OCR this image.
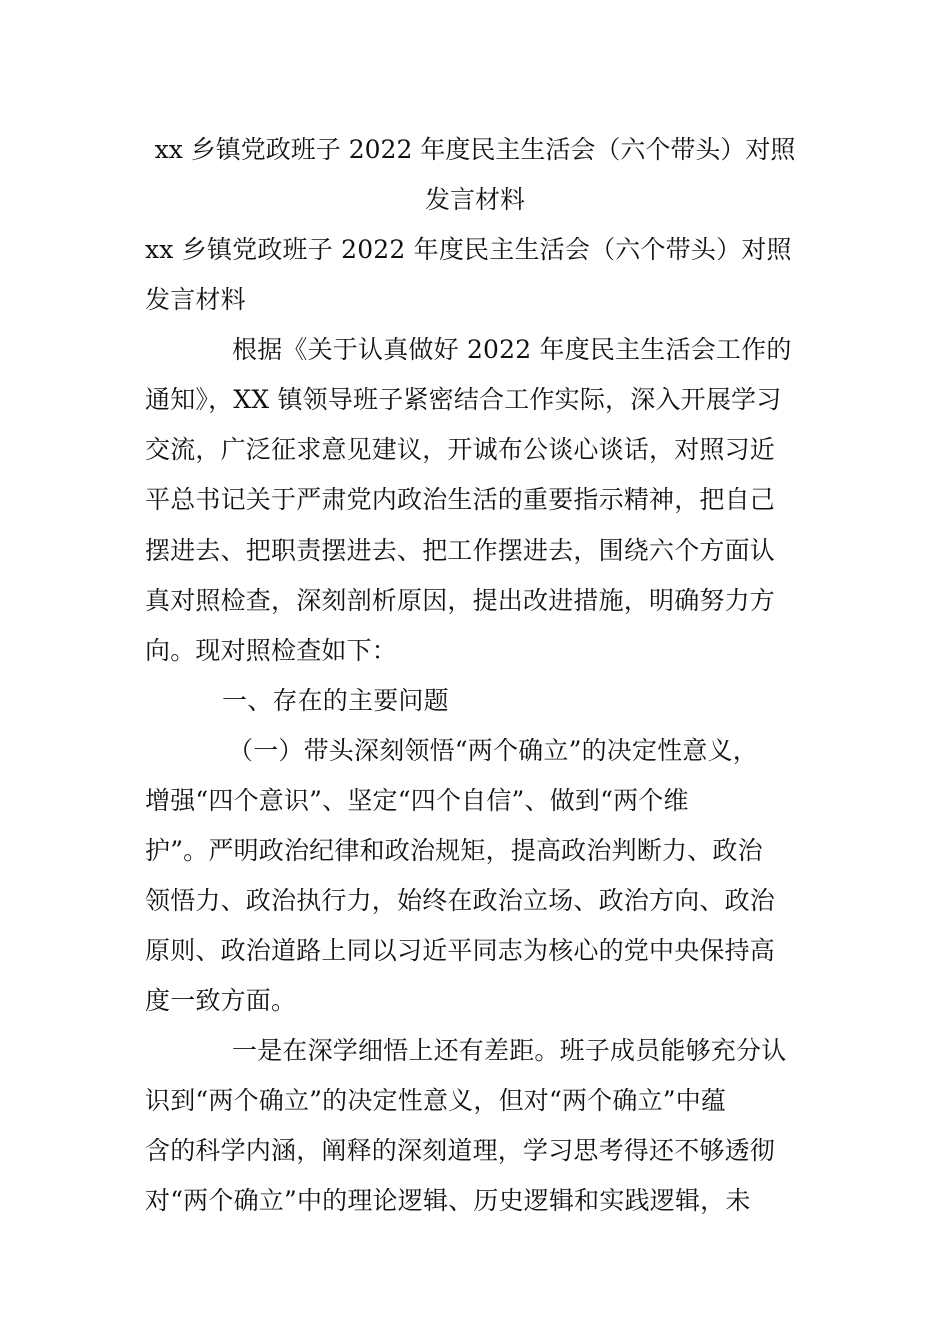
xx 乡镇党政班子 2022 年度民主生活会（六个带头）对照
发言材料
xx 乡镇党政班子 2022 年度民主生活会（六个带头）对照
发言材料
根据《关于认真做好 2022 年度民主生活会工作的
通知》，XX 镇领导班子紧密结合工作实际，深入开展学习
交流，广泛征求意见建议，开诚布公谈心谈话，对照习近
平总书记关于严肃党内政治生活的重要指示精神，把自己
摆进去、把职责摆进去、把工作摆进去，围绕六个方面认
真对照检查，深刻剖析原因，提出改进措施，明确努力方
向。现对照检查如下：
一、存在的主要问题
（一）带头深刻领悟“两个确立”的决定性意义，
增强“四个意识”、坚定“四个自信”、做到“两个维
护”。严明政治纪律和政治规矩，提高政治判断力、政治
领悟力、政治执行力，始终在政治立场、政治方向、政治
原则、政治道路上同以习近平同志为核心的党中央保持高
度一致方面。
一是在深学细悟上还有差距。班子成员能够充分认
识到“两个确立”的决定性意义，但对“两个确立”中蕴
含的科学内涵，阐释的深刻道理，学习思考得还不够透彻
对“两个确立”中的理论逻辑、历史逻辑和实践逻辑，未
